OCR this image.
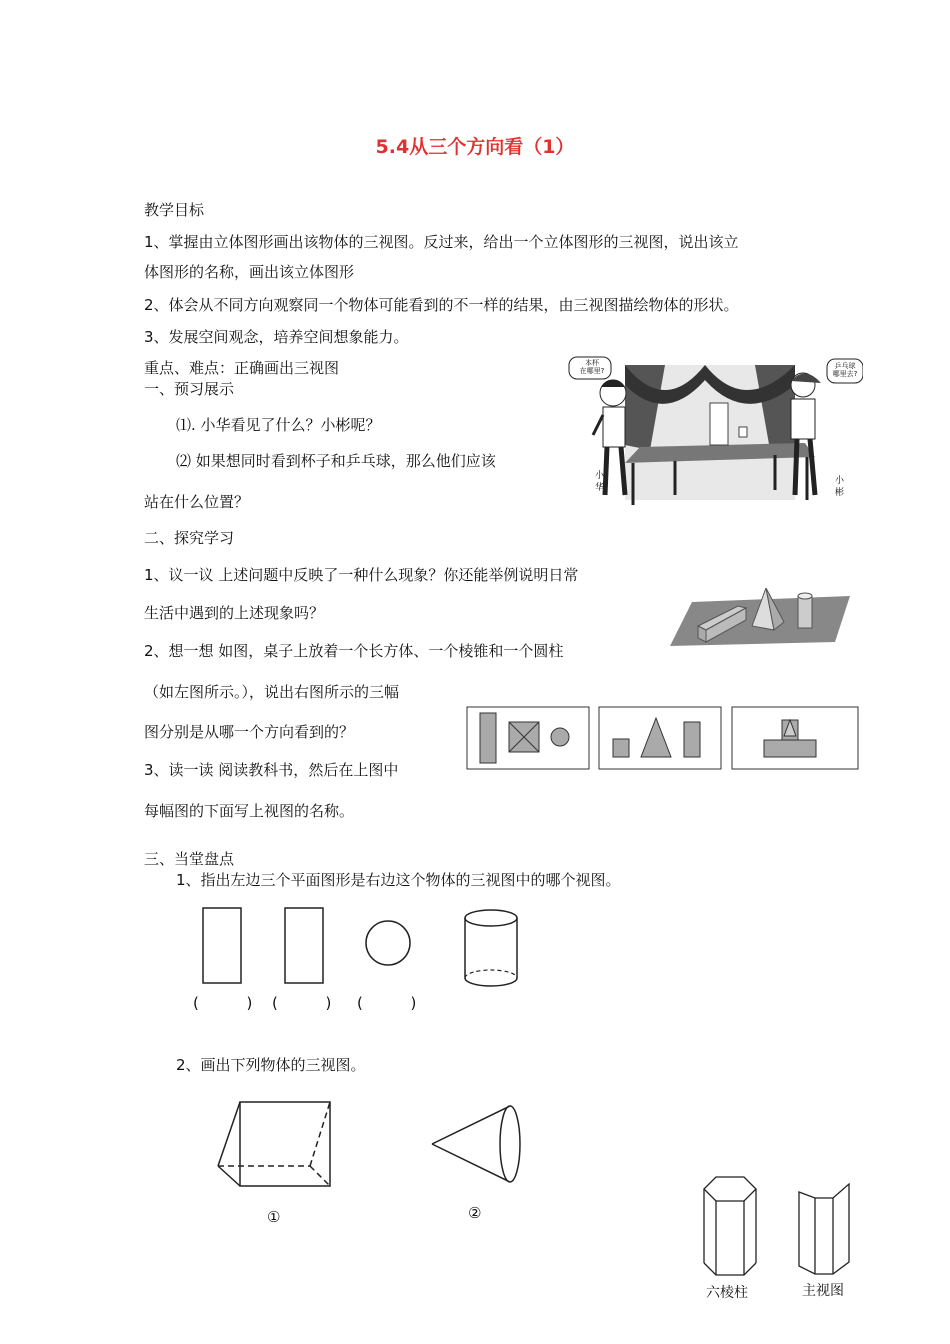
5.4从三个方向看（1）
教学目标
1、掌握由立体图形画出该物体的三视图。反过来，给出一个立体图形的三视图，说出该立
体图形的名称，画出该立体图形
2、体会从不同方向观察同一个物体可能看到的不一样的结果，由三视图描绘物体的形状。
3、发展空间观念，培养空间想象能力。
重点、难点：正确画出三视图
一、预习展示
⑴. 小华看见了什么？小彬呢？
⑵ 如果想同时看到杯子和乒乓球，那么他们应该
站在什么位置？
二、探究学习
1、议一议 上述问题中反映了一种什么现象？你还能举例说明日常
生活中遇到的上述现象吗？
2、想一想 如图，桌子上放着一个长方体、一个棱锥和一个圆柱
（如左图所示。），说出右图所示的三幅
图分别是从哪一个方向看到的？
3、读一读 阅读教科书，然后在上图中
每幅图的下面写上视图的名称。
三、当堂盘点
1、指出左边三个平面图形是右边这个物体的三视图中的哪个视图。
2、画出下列物体的三视图。
本杯
在哪里?
乒乓球
哪里去?
小
华
小
彬
(          ) (          ) (          )
①	②
六棱柱	主视图
